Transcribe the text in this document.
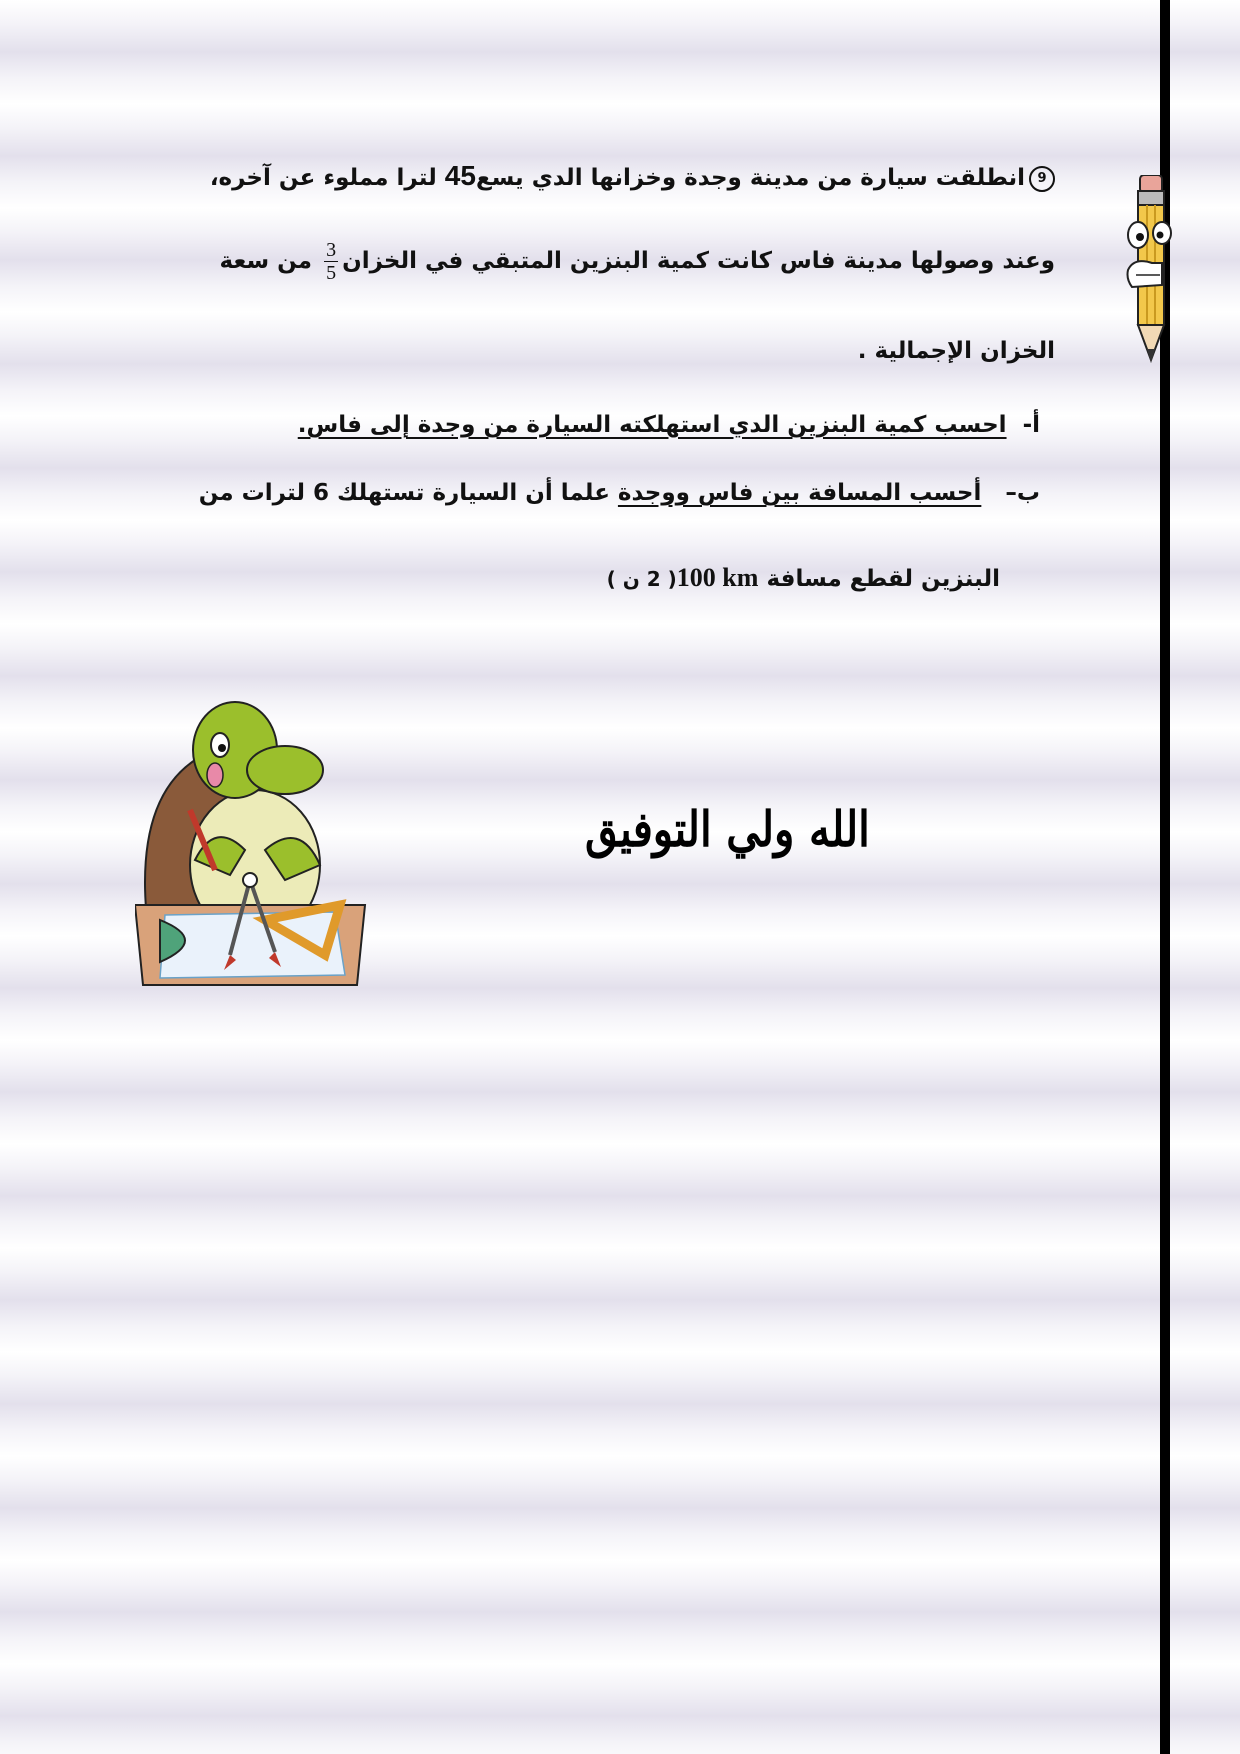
9انطلقت سيارة من مدينة وجدة وخزانها الدي يسع45 لترا مملوء عن آخره،
وعند وصولها مدينة فاس كانت كمية البنزين المتبقي في الخزان
$\frac{3}{5}$
من سعة
الخزان الإجمالية .
أ-  احسب كمية البنزين الدي استهلكته السيارة من وجدة إلى فاس.
ب–   أحسب المسافة بين فاس ووجدة علما أن السيارة تستهلك 6 لترات من
البنزين لقطع مسافة 100 km( 2 ن )
الله ولي التوفيق
